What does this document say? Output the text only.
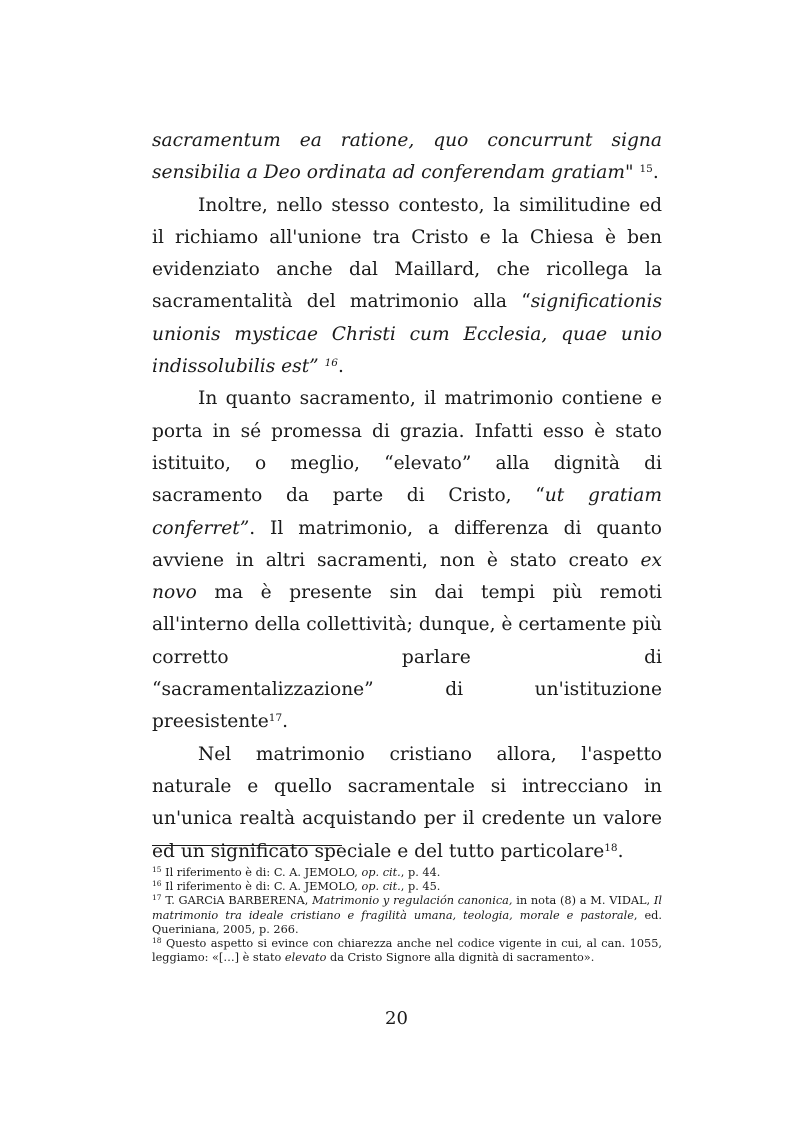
sacramentum ea ratione, quo concurrunt signa sensibilia a Deo ordinata ad conferendam gratiam" $^{15}$.

Inoltre, nello stesso contesto, la similitudine ed il richiamo all'unione tra Cristo e la Chiesa è ben evidenziato anche dal Maillard, che ricollega la sacramentalità del matrimonio alla “significationis unionis mysticae Christi cum Ecclesia, quae unio indissolubilis est” $^{16}$.

In quanto sacramento, il matrimonio contiene e porta in sé promessa di grazia. Infatti esso è stato istituito, o meglio, “elevato” alla dignità di sacramento da parte di Cristo, “ut gratiam conferret”. Il matrimonio, a differenza di quanto avviene in altri sacramenti, non è stato creato ex novo ma è presente sin dai tempi più remoti all'interno della collettività; dunque, è certamente più corretto parlare di

“sacramentalizzazione” di un'istituzione preesistente$^{17}$.

Nel matrimonio cristiano allora, l'aspetto naturale e quello sacramentale si intrecciano in un'unica realtà acquistando per il credente un valore ed un significato speciale e del tutto particolare$^{18}$.

$^{15}$ Il riferimento è di: C. A. JEMOLO, op. cit., p. 44.

$^{16}$ Il riferimento è di: C. A. JEMOLO, op. cit., p. 45.

$^{17}$ T. GARCiA BARBERENA, Matrimonio y regulación canonica, in nota (8) a M. VIDAL, Il matrimonio tra ideale cristiano e fragilità umana, teologia, morale e pastorale, ed. Queriniana, 2005, p. 266.

$^{18}$ Questo aspetto si evince con chiarezza anche nel codice vigente in cui, al can. 1055, leggiamo: «[…] è stato elevato da Cristo Signore alla dignità di sacramento».

20
